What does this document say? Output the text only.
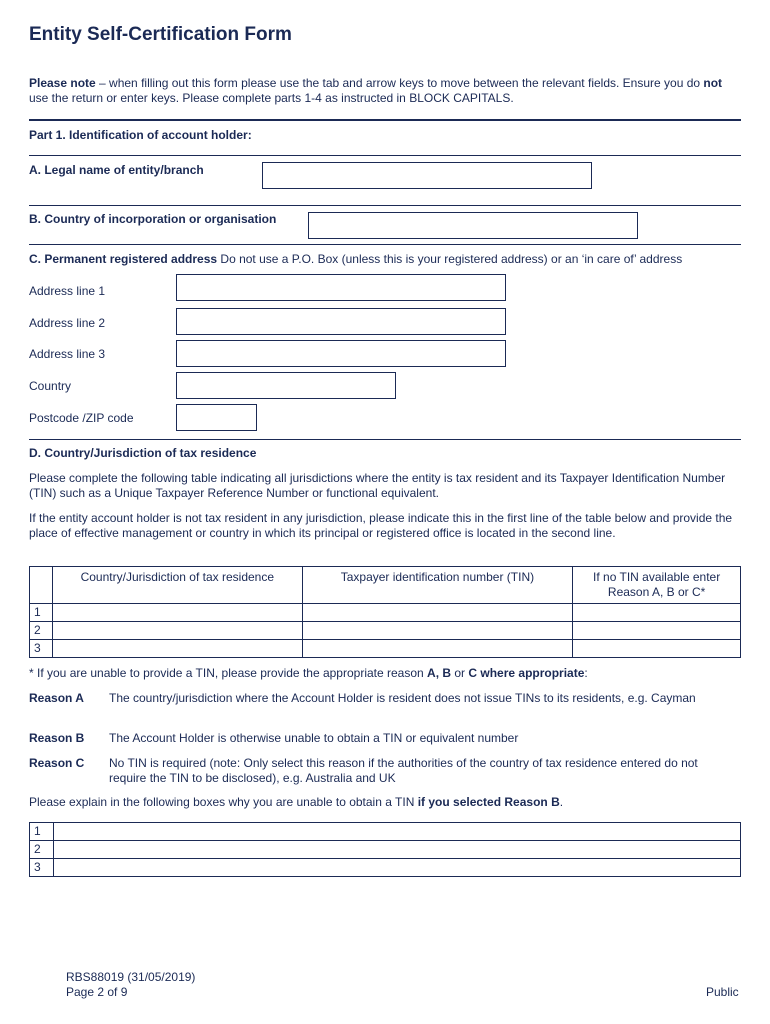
Entity Self-Certification Form
Please note – when filling out this form please use the tab and arrow keys to move between the relevant fields. Ensure you do not use the return or enter keys. Please complete parts 1-4 as instructed in BLOCK CAPITALS.
Part 1. Identification of account holder:
A. Legal name of entity/branch
B. Country of incorporation or organisation
C. Permanent registered address Do not use a P.O. Box (unless this is your registered address) or an ‘in care of’ address
Address line 1
Address line 2
Address line 3
Country
Postcode /ZIP code
D. Country/Jurisdiction of tax residence
Please complete the following table indicating all jurisdictions where the entity is tax resident and its Taxpayer Identification Number (TIN) such as a Unique Taxpayer Reference Number or functional equivalent.
If the entity account holder is not tax resident in any jurisdiction, please indicate this in the first line of the table below and provide the place of effective management or country in which its principal or registered office is located in the second line.
	Country/Jurisdiction of tax residence	Taxpayer identification number (TIN)	If no TIN available enter Reason A, B or C*
1			
2			
3			
* If you are unable to provide a TIN, please provide the appropriate reason A, B or C where appropriate:
Reason A The country/jurisdiction where the Account Holder is resident does not issue TINs to its residents, e.g. Cayman
Reason B The Account Holder is otherwise unable to obtain a TIN or equivalent number
Reason C No TIN is required (note: Only select this reason if the authorities of the country of tax residence entered do not require the TIN to be disclosed), e.g. Australia and UK
Please explain in the following boxes why you are unable to obtain a TIN if you selected Reason B.
1	
2	
3	
RBS88019 (31/05/2019)
Page 2 of 9	Public
